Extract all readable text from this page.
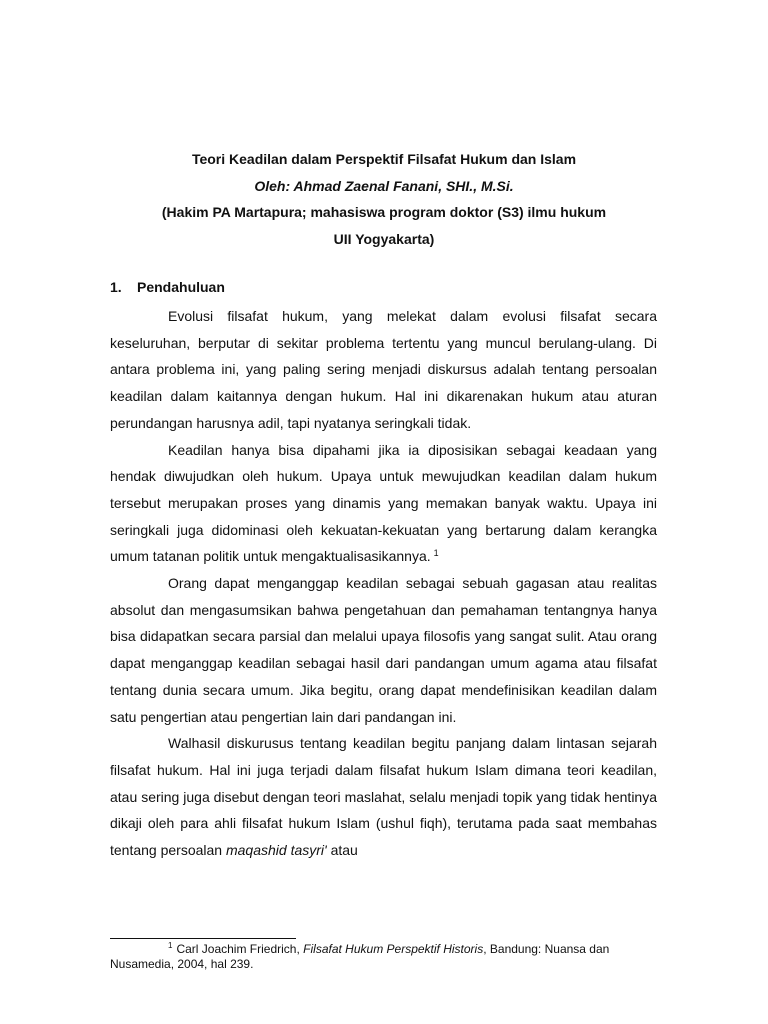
Teori Keadilan dalam Perspektif Filsafat Hukum dan Islam
Oleh: Ahmad Zaenal Fanani, SHI., M.Si.
(Hakim PA Martapura; mahasiswa program doktor (S3) ilmu hukum
UII Yogyakarta)
1. Pendahuluan

Evolusi filsafat hukum, yang melekat dalam evolusi filsafat secara keseluruhan, berputar di sekitar problema tertentu yang muncul berulang-ulang. Di antara problema ini, yang paling sering menjadi diskursus adalah tentang persoalan keadilan dalam kaitannya dengan hukum. Hal ini dikarenakan hukum atau aturan perundangan harusnya adil, tapi nyatanya seringkali tidak.

Keadilan hanya bisa dipahami jika ia diposisikan sebagai keadaan yang hendak diwujudkan oleh hukum. Upaya untuk mewujudkan keadilan dalam hukum tersebut merupakan proses yang dinamis yang memakan banyak waktu. Upaya ini seringkali juga didominasi oleh kekuatan-kekuatan yang bertarung dalam kerangka umum tatanan politik untuk mengaktualisasikannya. $^1$

Orang dapat menganggap keadilan sebagai sebuah gagasan atau realitas absolut dan mengasumsikan bahwa pengetahuan dan pemahaman tentangnya hanya bisa didapatkan secara parsial dan melalui upaya filosofis yang sangat sulit. Atau orang dapat menganggap keadilan sebagai hasil dari pandangan umum agama atau filsafat tentang dunia secara umum. Jika begitu, orang dapat mendefinisikan keadilan dalam satu pengertian atau pengertian lain dari pandangan ini.

Walhasil diskurusus tentang keadilan begitu panjang dalam lintasan sejarah filsafat hukum. Hal ini juga terjadi dalam filsafat hukum Islam dimana teori keadilan, atau sering juga disebut dengan teori maslahat, selalu menjadi topik yang tidak hentinya dikaji oleh para ahli filsafat hukum Islam (ushul fiqh), terutama pada saat membahas tentang persoalan maqashid tasyri' atau

$^1$ Carl Joachim Friedrich, Filsafat Hukum Perspektif Historis, Bandung: Nuansa dan Nusamedia, 2004, hal 239.
